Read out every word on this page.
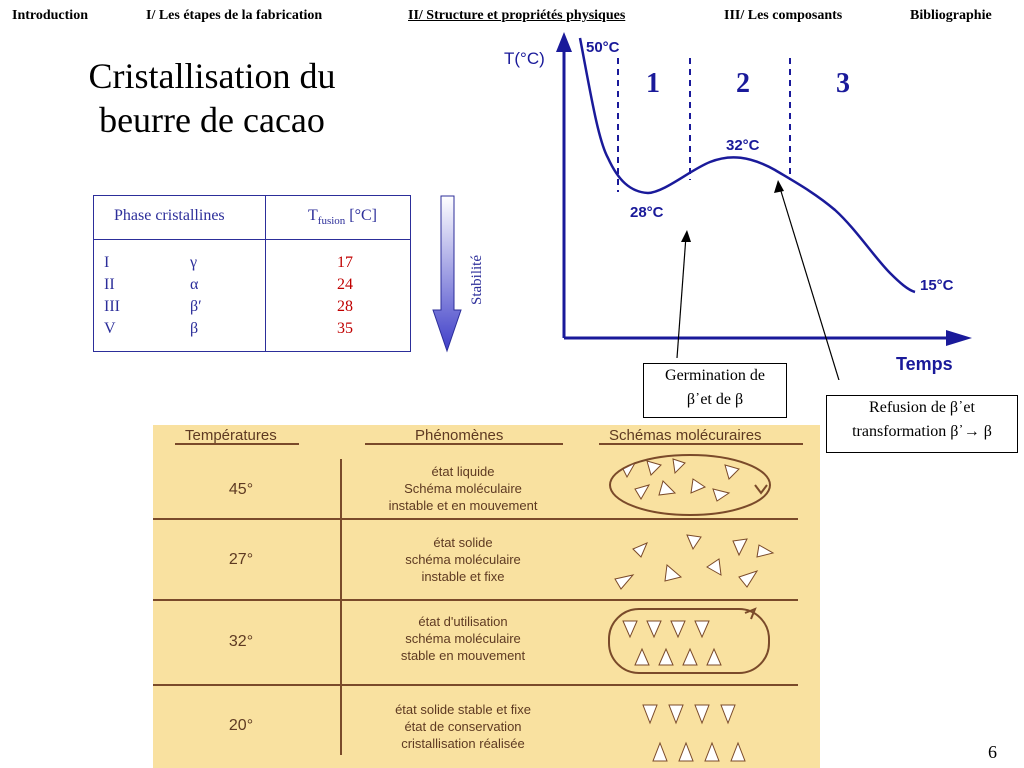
Introduction	I/ Les étapes de la fabrication	II/ Structure et propriétés physiques	III/ Les composants	Bibliographie
Cristallisation du
beurre de cacao
Phase cristallines	$T_{fusion}$ [°C]
I	γ	17
II	α	24
III	β′	28
V	β	35
Stabilité
T(°C)
50°C
28°C
32°C
15°C
Temps
1	2	3
Germination de
β᾿et de β	Refusion de β᾿et
transformation β᾿→ β
Températures	Phénomènes	Schémas molécuraires
45°
état liquide
Schéma moléculaire
instable et en mouvement
27°
état solide
schéma moléculaire
instable et fixe
32°
état d'utilisation
schéma moléculaire
stable en mouvement
20°
état solide stable et fixe
état de conservation
cristallisation réalisée	6
